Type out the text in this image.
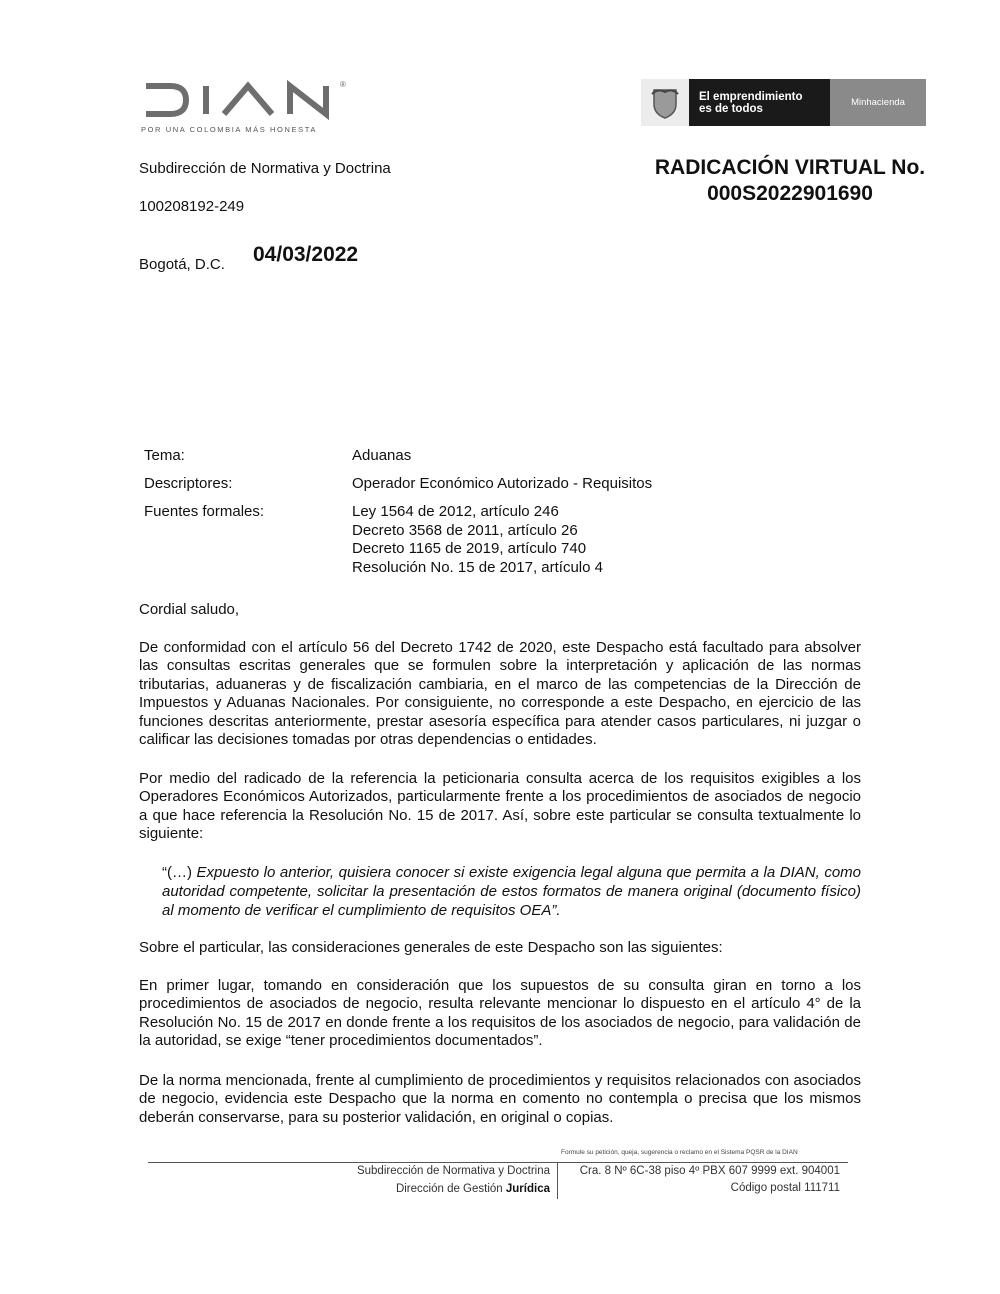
®
POR UNA COLOMBIA MÁS HONESTA
El emprendimiento
es de todos	Minhacienda
Subdirección de Normativa y Doctrina
100208192-249
Bogotá, D.C. 04/03/2022
RADICACIÓN VIRTUAL No.
000S2022901690
Tema:	Aduanas
Descriptores:	Operador Económico Autorizado - Requisitos
Fuentes formales:	Ley 1564 de 2012, artículo 246
Decreto 3568 de 2011, artículo 26
Decreto 1165 de 2019, artículo 740
Resolución No. 15 de 2017, artículo 4
Cordial saludo,
De conformidad con el artículo 56 del Decreto 1742 de 2020, este Despacho está facultado para absolver las consultas escritas generales que se formulen sobre la interpretación y aplicación de las normas tributarias, aduaneras y de fiscalización cambiaria, en el marco de las competencias de la Dirección de Impuestos y Aduanas Nacionales. Por consiguiente, no corresponde a este Despacho, en ejercicio de las funciones descritas anteriormente, prestar asesoría específica para atender casos particulares, ni juzgar o calificar las decisiones tomadas por otras dependencias o entidades.
Por medio del radicado de la referencia la peticionaria consulta acerca de los requisitos exigibles a los Operadores Económicos Autorizados, particularmente frente a los procedimientos de asociados de negocio a que hace referencia la Resolución No. 15 de 2017. Así, sobre este particular se consulta textualmente lo siguiente:
“(…) Expuesto lo anterior, quisiera conocer si existe exigencia legal alguna que permita a la DIAN, como autoridad competente, solicitar la presentación de estos formatos de manera original (documento físico) al momento de verificar el cumplimiento de requisitos OEA”.
Sobre el particular, las consideraciones generales de este Despacho son las siguientes:
En primer lugar, tomando en consideración que los supuestos de su consulta giran en torno a los procedimientos de asociados de negocio, resulta relevante mencionar lo dispuesto en el artículo 4° de la Resolución No. 15 de 2017 en donde frente a los requisitos de los asociados de negocio, para validación de la autoridad, se exige “tener procedimientos documentados”.
De la norma mencionada, frente al cumplimiento de procedimientos y requisitos relacionados con asociados de negocio, evidencia este Despacho que la norma en comento no contempla o precisa que los mismos deberán conservarse, para su posterior validación, en original o copias.
Formule su petición, queja, sugerencia o reclamo en el Sistema PQSR de la DIAN
Subdirección de Normativa y Doctrina
Dirección de Gestión Jurídica
Cra. 8 Nº 6C-38 piso 4º PBX 607 9999 ext. 904001
Código postal 111711
